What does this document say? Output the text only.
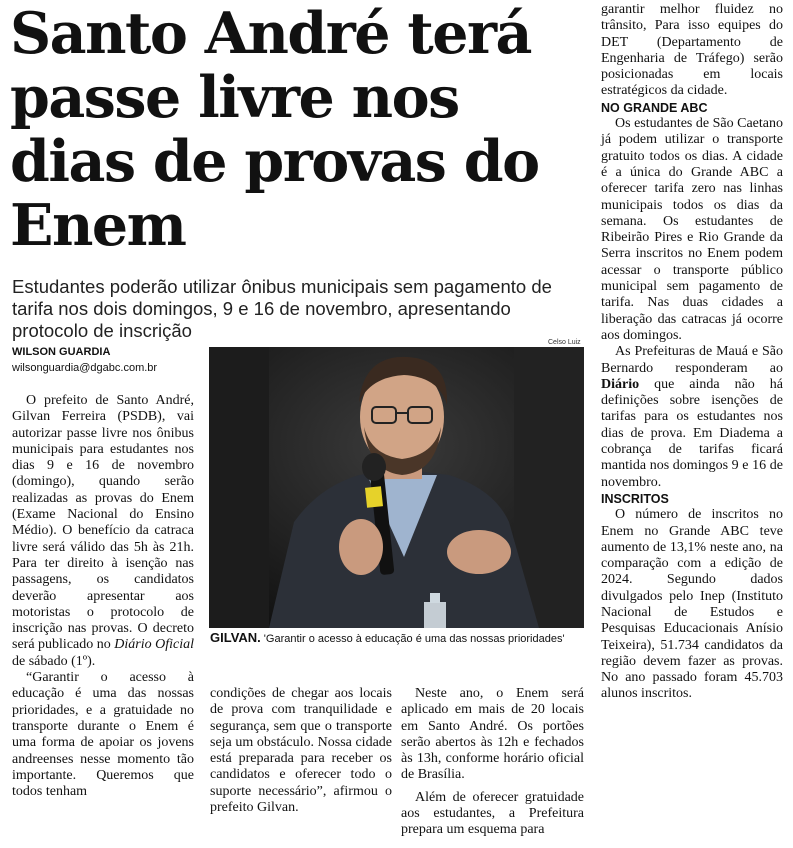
Santo André terá passe livre nos dias de provas do Enem

Estudantes poderão utilizar ônibus municipais sem pagamento de tarifa nos dois domingos, 9 e 16 de novembro, apresentando protocolo de inscrição

WILSON GUARDIA
wilsonguardia@dgabc.com.br
Celso Luiz
GILVAN. 'Garantir o acesso à educação é uma das nossas prioridades'

O prefeito de Santo André, Gilvan Ferreira (PSDB), vai autorizar passe livre nos ônibus municipais para estudantes nos dias 9 e 16 de novembro (domingo), quando serão realizadas as provas do Enem (Exame Nacional do Ensino Médio). O benefício da catraca livre será válido das 5h às 21h. Para ter direito à isenção nas passagens, os candidatos deverão apresentar aos motoristas o protocolo de inscrição nas provas. O decreto será publicado no Diário Oficial de sábado (1º).

“Garantir o acesso à educação é uma das nossas prioridades, e a gratuidade no transporte durante o Enem é uma forma de apoiar os jovens andreenses nesse momento tão importante. Queremos que todos tenham

condições de chegar aos locais de prova com tranquilidade e segurança, sem que o transporte seja um obstáculo. Nossa cidade está preparada para receber os candidatos e oferecer todo o suporte necessário”, afirmou o prefeito Gilvan.

Neste ano, o Enem será aplicado em mais de 20 locais em Santo André. Os portões serão abertos às 12h e fechados às 13h, conforme horário oficial de Brasília.

Além de oferecer gratuidade aos estudantes, a Prefeitura prepara um esquema para

garantir melhor fluidez no trânsito, Para isso equipes do DET (Departamento de Engenharia de Tráfego) serão posicionadas em locais estratégicos da cidade.

NO GRANDE ABC

Os estudantes de São Caetano já podem utilizar o transporte gratuito todos os dias. A cidade é a única do Grande ABC a oferecer tarifa zero nas linhas municipais todos os dias da semana. Os estudantes de Ribeirão Pires e Rio Grande da Serra inscritos no Enem podem acessar o transporte público municipal sem pagamento de tarifa. Nas duas cidades a liberação das catracas já ocorre aos domingos.

As Prefeituras de Mauá e São Bernardo responderam ao Diário que ainda não há definições sobre isenções de tarifas para os estudantes nos dias de prova. Em Diadema a cobrança de tarifas ficará mantida nos domingos 9 e 16 de novembro.

INSCRITOS

O número de inscritos no Enem no Grande ABC teve aumento de 13,1% neste ano, na comparação com a edição de 2024. Segundo dados divulgados pelo Inep (Instituto Nacional de Estudos e Pesquisas Educacionais Anísio Teixeira), 51.734 candidatos da região devem fazer as provas. No ano passado foram 45.703 alunos inscritos.
